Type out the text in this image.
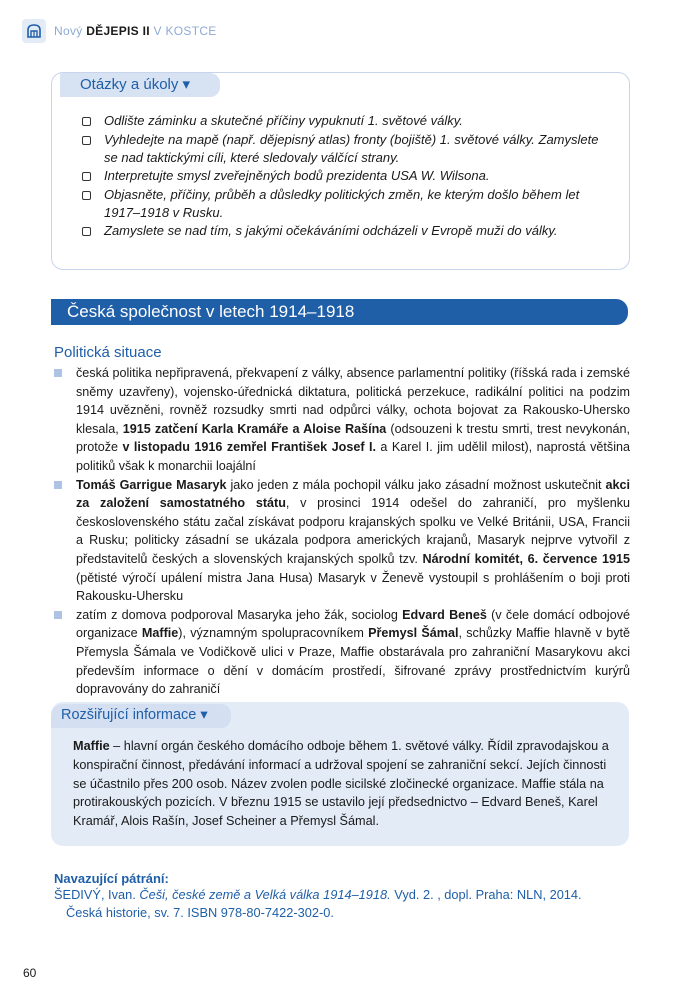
Nový DĚJEPIS II V KOSTCE
Otázky a úkoly ▾
Odlište záminku a skutečné příčiny vypuknutí 1. světové války.
Vyhledejte na mapě (např. dějepisný atlas) fronty (bojiště) 1. světové války. Zamyslete se nad taktickými cíli, které sledovaly válčící strany.
Interpretujte smysl zveřejněných bodů prezidenta USA W. Wilsona.
Objasněte, příčiny, průběh a důsledky politických změn, ke kterým došlo během let 1917–1918 v Rusku.
Zamyslete se nad tím, s jakými očekáváními odcházeli v Evropě muži do války.
Česká společnost v letech 1914–1918
Politická situace
česká politika nepřipravená, překvapení z války, absence parlamentní politiky (říšská rada i zemské sněmy uzavřeny), vojensko-úřednická diktatura, politická perzekuce, radikální politici na podzim 1914 uvězněni, rovněž rozsudky smrti nad odpůrci války, ochota bojovat za Rakousko-Uhersko klesala, 1915 zatčení Karla Kramáře a Aloise Rašína (odsouzeni k trestu smrti, trest nevykonán, protože v listopadu 1916 zemřel František Josef I. a Karel I. jim udělil milost), naprostá většina politiků však k monarchii loajální
Tomáš Garrigue Masaryk jako jeden z mála pochopil válku jako zásadní možnost uskutečnit akci za založení samostatného státu, v prosinci 1914 odešel do zahraničí, pro myšlenku československého státu začal získávat podporu krajanských spolku ve Velké Británii, USA, Francii a Rusku; politicky zásadní se ukázala podpora amerických krajanů, Masaryk nejprve vytvořil z představitelů českých a slovenských krajanských spolků tzv. Národní komitét, 6. července 1915 (pětisté výročí upálení mistra Jana Husa) Masaryk v Ženevě vystoupil s prohlášením o boji proti Rakousku-Uhersku
zatím z domova podporoval Masaryka jeho žák, sociolog Edvard Beneš (v čele domácí odbojové organizace Maffie), významným spolupracovníkem Přemysl Šámal, schůzky Maffie hlavně v bytě Přemysla Šámala ve Vodičkově ulici v Praze, Maffie obstarávala pro zahraniční Masarykovu akci především informace o dění v domácím prostředí, šifrované zprávy prostřednictvím kurýrů dopravovány do zahraničí
Rozšiřující informace ▾

Maffie – hlavní orgán českého domácího odboje během 1. světové války. Řídil zpravodajskou a konspirační činnost, předávání informací a udržoval spojení se zahraniční sekcí. Jejích činnosti se účastnilo přes 200 osob. Název zvolen podle sicilské zločinecké organizace. Maffie stála na protirakouských pozicích. V březnu 1915 se ustavilo její předsednictvo – Edvard Beneš, Karel Kramář, Alois Rašín, Josef Scheiner a Přemysl Šámal.

Navazující pátrání:
ŠEDIVÝ, Ivan. Češi, české země a Velká válka 1914–1918. Vyd. 2. , dopl. Praha: NLN, 2014.
Česká historie, sv. 7. ISBN 978-80-7422-302-0.
60
